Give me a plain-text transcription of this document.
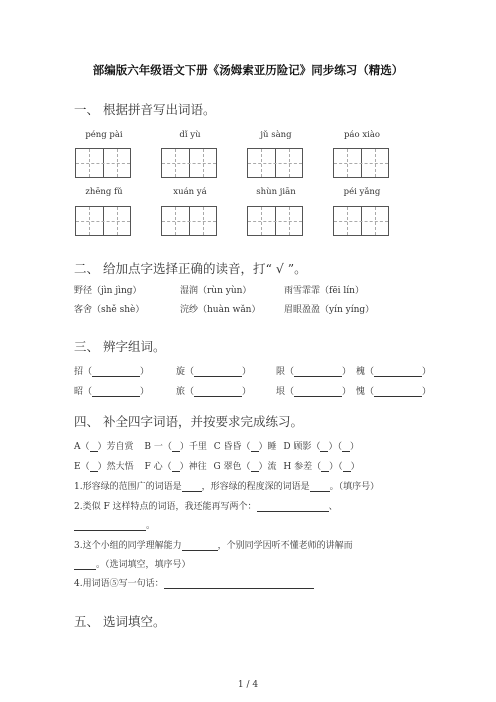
部编版六年级语文下册《汤姆索亚历险记》同步练习（精选）
一、 根据拼音写出词语。
péng pài	dǐ yù	jǔ sàng	páo xiào
zhēng fǔ	xuán yá	shùn jiān	péi yǎng
二、 给加点字选择正确的读音，打“ √ ”。
野径（jìn jìng）	湿润（rùn yùn）	雨雪霏霏（fēi lín）
客舍（shě shè）	浣纱（huàn wǎn）	眉眼盈盈（yín yíng）
三、 辨字组词。
招（	）	旋（	）	限（	） 槐（	）
昭（	）	旅（	）	垠（	） 愧（	）
四、 补全四字词语，并按要求完成练习。
A（ ）芳自赏 B 一（ ）千里 C 昏昏（ ）睡 D 顾影（ ）（ ）
E（ ）然大悟 F 心（ ）神往 G 翠色（ ）流 H 参差（ ）（ ）
1.形容绿的范围广的词语是 ，形容绿的程度深的词语是 。（填序号）
2.类似 F 这样特点的词语，我还能再写两个：	、
。
3.这个小组的同学理解能力	，个别同学因听不懂老师的讲解而
。（选词填空，填序号）
4.用词语⑤写一句话：
五、 选词填空。
1 / 4
